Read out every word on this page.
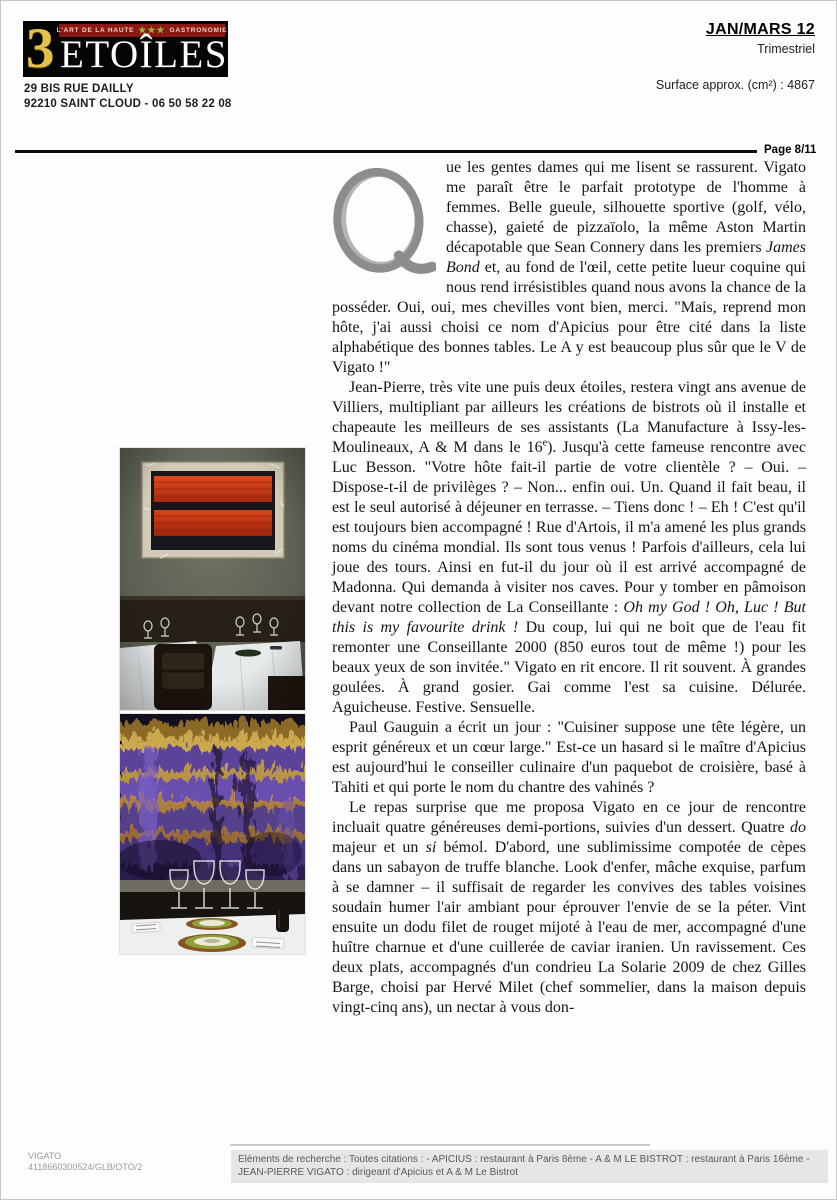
3 L'ART DE LA HAUTE ★★★ GASTRONOMIE
ETOÎLES
29 BIS RUE DAILLY
92210 SAINT CLOUD - 06 50 58 22 08
JAN/MARS 12
Trimestriel
Surface approx. (cm²) : 4867
Page 8/11

ue les gentes dames qui me lisent se rassurent. Vigato me paraît être le parfait prototype de l'homme à femmes. Belle gueule, silhouette sportive (golf, vélo, chasse), gaieté de pizzaïolo, la même Aston Martin décapotable que Sean Connery dans les premiers James Bond et, au fond de l'œil, cette petite lueur coquine qui nous rend irrésistibles quand nous avons la chance de la posséder. Oui, oui, mes chevilles vont bien, merci. "Mais, reprend mon hôte, j'ai aussi choisi ce nom d'Apicius pour être cité dans la liste alphabétique des bonnes tables. Le A y est beaucoup plus sûr que le V de Vigato !"

Jean-Pierre, très vite une puis deux étoiles, restera vingt ans avenue de Villiers, multipliant par ailleurs les créations de bistrots où il installe et chapeaute les meilleurs de ses assistants (La Manufacture à Issy-les-Moulineaux, A & M dans le 16e). Jusqu'à cette fameuse rencontre avec Luc Besson. "Votre hôte fait-il partie de votre clientèle ? – Oui. – Dispose-t-il de privilèges ? – Non... enfin oui. Un. Quand il fait beau, il est le seul autorisé à déjeuner en terrasse. – Tiens donc ! – Eh ! C'est qu'il est toujours bien accompagné ! Rue d'Artois, il m'a amené les plus grands noms du cinéma mondial. Ils sont tous venus ! Parfois d'ailleurs, cela lui joue des tours. Ainsi en fut-il du jour où il est arrivé accompagné de Madonna. Qui demanda à visiter nos caves. Pour y tomber en pâmoison devant notre collection de La Conseillante : Oh my God ! Oh, Luc ! But this is my favourite drink ! Du coup, lui qui ne boit que de l'eau fit remonter une Conseillante 2000 (850 euros tout de même !) pour les beaux yeux de son invitée." Vigato en rit encore. Il rit souvent. À grandes goulées. À grand gosier. Gai comme l'est sa cuisine. Délurée. Aguicheuse. Festive. Sensuelle.

Paul Gauguin a écrit un jour : "Cuisiner suppose une tête légère, un esprit généreux et un cœur large." Est-ce un hasard si le maître d'Apicius est aujourd'hui le conseiller culinaire d'un paquebot de croisière, basé à Tahiti et qui porte le nom du chantre des vahinés ?

Le repas surprise que me proposa Vigato en ce jour de rencontre incluait quatre généreuses demi-portions, suivies d'un dessert. Quatre do majeur et un si bémol. D'abord, une sublimissime compotée de cèpes dans un sabayon de truffe blanche. Look d'enfer, mâche exquise, parfum à se damner – il suffisait de regarder les convives des tables voisines soudain humer l'air ambiant pour éprouver l'envie de se la péter. Vint ensuite un dodu filet de rouget mijoté à l'eau de mer, accompagné d'une huître charnue et d'une cuillerée de caviar iranien. Un ravissement. Ces deux plats, accompagnés d'un condrieu La Solarie 2009 de chez Gilles Barge, choisi par Hervé Milet (chef sommelier, dans la maison depuis vingt-cinq ans), un nectar à vous don-

VIGATO
4118660300524/GLB/OTO/2
Eléments de recherche : Toutes citations : - APICIUS : restaurant à Paris 8ème - A & M LE BISTROT : restaurant à Paris 16ème - JEAN-PIERRE VIGATO : dirigeant d'Apicius et A & M Le Bistrot
